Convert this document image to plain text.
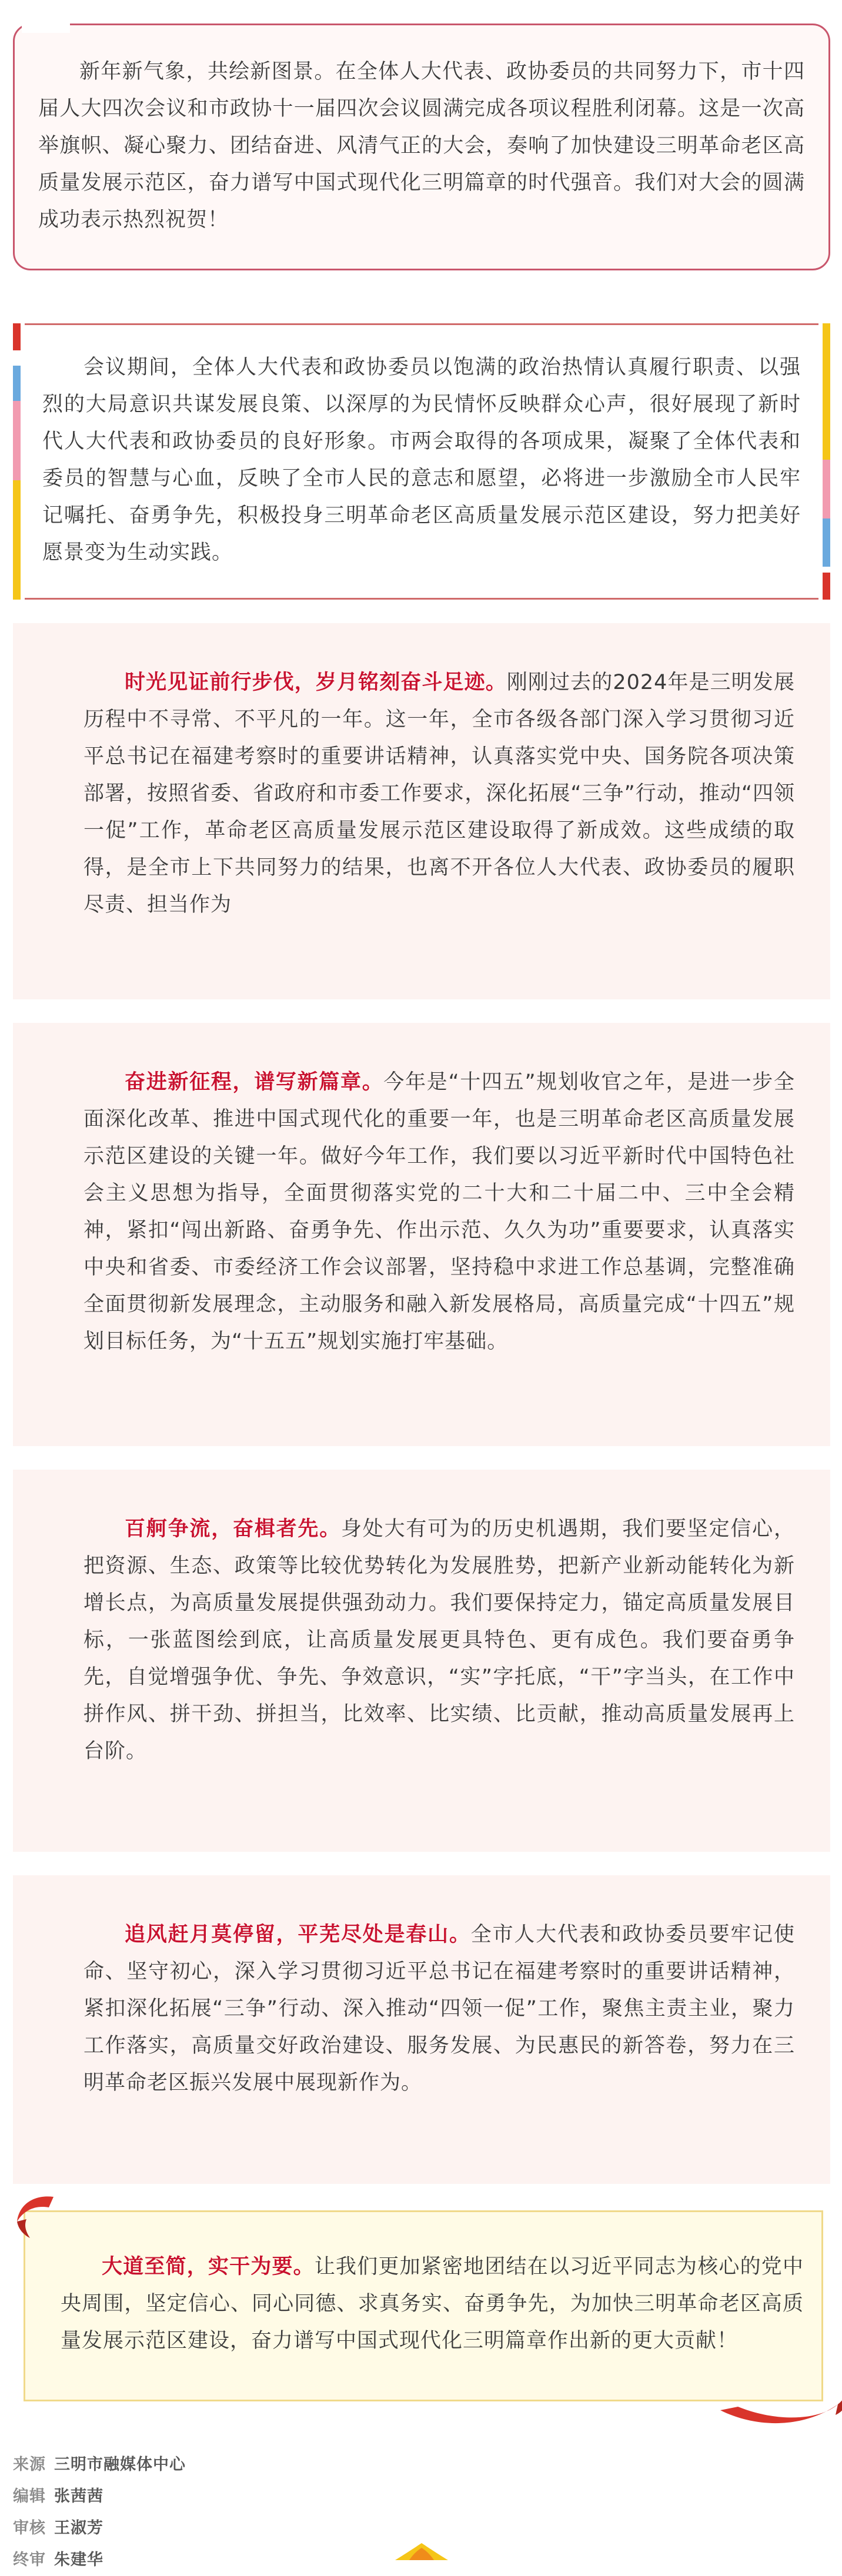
新年新气象，共绘新图景。在全体人大代表、政协委员的共同努力下，市十四届人大四次会议和市政协十一届四次会议圆满完成各项议程胜利闭幕。这是一次高举旗帜、凝心聚力、团结奋进、风清气正的大会，奏响了加快建设三明革命老区高质量发展示范区，奋力谱写中国式现代化三明篇章的时代强音。我们对大会的圆满成功表示热烈祝贺！

会议期间，全体人大代表和政协委员以饱满的政治热情认真履行职责、以强烈的大局意识共谋发展良策、以深厚的为民情怀反映群众心声，很好展现了新时代人大代表和政协委员的良好形象。市两会取得的各项成果，凝聚了全体代表和委员的智慧与心血，反映了全市人民的意志和愿望，必将进一步激励全市人民牢记嘱托、奋勇争先，积极投身三明革命老区高质量发展示范区建设，努力把美好愿景变为生动实践。

时光见证前行步伐，岁月铭刻奋斗足迹。刚刚过去的2024年是三明发展历程中不寻常、不平凡的一年。这一年，全市各级各部门深入学习贯彻习近平总书记在福建考察时的重要讲话精神，认真落实党中央、国务院各项决策部署，按照省委、省政府和市委工作要求，深化拓展“三争”行动，推动“四领一促”工作，革命老区高质量发展示范区建设取得了新成效。这些成绩的取得，是全市上下共同努力的结果，也离不开各位人大代表、政协委员的履职尽责、担当作为

奋进新征程，谱写新篇章。今年是“十四五”规划收官之年，是进一步全面深化改革、推进中国式现代化的重要一年，也是三明革命老区高质量发展示范区建设的关键一年。做好今年工作，我们要以习近平新时代中国特色社会主义思想为指导，全面贯彻落实党的二十大和二十届二中、三中全会精神，紧扣“闯出新路、奋勇争先、作出示范、久久为功”重要要求，认真落实中央和省委、市委经济工作会议部署，坚持稳中求进工作总基调，完整准确全面贯彻新发展理念，主动服务和融入新发展格局，高质量完成“十四五”规划目标任务，为“十五五”规划实施打牢基础。

百舸争流，奋楫者先。身处大有可为的历史机遇期，我们要坚定信心，把资源、生态、政策等比较优势转化为发展胜势，把新产业新动能转化为新增长点，为高质量发展提供强劲动力。我们要保持定力，锚定高质量发展目标，一张蓝图绘到底，让高质量发展更具特色、更有成色。我们要奋勇争先，自觉增强争优、争先、争效意识，“实”字托底，“干”字当头，在工作中拼作风、拼干劲、拼担当，比效率、比实绩、比贡献，推动高质量发展再上台阶。

追风赶月莫停留，平芜尽处是春山。全市人大代表和政协委员要牢记使命、坚守初心，深入学习贯彻习近平总书记在福建考察时的重要讲话精神，紧扣深化拓展“三争”行动、深入推动“四领一促”工作，聚焦主责主业，聚力工作落实，高质量交好政治建设、服务发展、为民惠民的新答卷，努力在三明革命老区振兴发展中展现新作为。

大道至简，实干为要。让我们更加紧密地团结在以习近平同志为核心的党中央周围，坚定信心、同心同德、求真务实、奋勇争先，为加快三明革命老区高质量发展示范区建设，奋力谱写中国式现代化三明篇章作出新的更大贡献！

来源 三明市融媒体中心
编辑 张茜茜
审核 王淑芳
终审 朱建华
